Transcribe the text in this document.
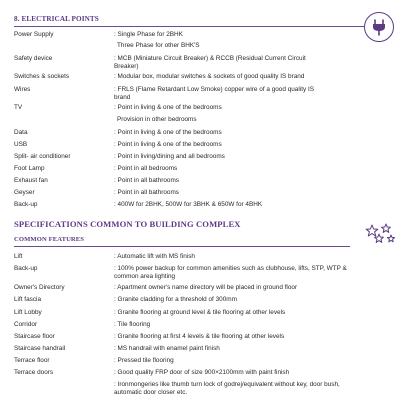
8. ELECTRICAL POINTS
Power Supply	: Single Phase for 2BHK
Three Phase for other BHK'S
Safety device	: MCB (Miniature Circuit Breaker) & RCCB (Residual Current Circuit Breaker)
Switches & sockets	: Modular box, modular switches & sockets of good quality IS brand
Wires	: FRLS (Flame Retardant Low Smoke) copper wire of a good quality IS brand
TV	: Point in living & one of the bedrooms
Provision in other bedrooms
Data	: Point in living & one of the bedrooms
USB	: Point in living & one of the bedrooms
Split- air conditioner	: Point in living/dining and all bedrooms
Foot Lamp	: Point in all bedrooms
Exhaust fan	: Point in all bathrooms
Geyser	: Point in all bathrooms
Back-up	: 400W for 2BHK, 500W for 3BHK & 650W for 4BHK
SPECIFICATIONS COMMON TO BUILDING COMPLEX
COMMON FEATURES
Lift	: Automatic lift with MS finish
Back-up	: 100% power backup for common amenities such as clubhouse, lifts, STP, WTP & common area lighting
Owner's Directory	: Apartment owner's name directory will be placed in ground floor
Lift fascia	: Granite cladding for a threshold of 300mm
Lift Lobby	: Granite flooring at ground level & tile flooring at other levels
Corridor	: Tile flooring
Staircase floor	: Granite flooring at first 4 levels & tile flooring at other levels
Staircase handrail	: MS handrail with enamel paint finish
Terrace floor	: Pressed tile flooring
Terrace doors	: Good quality FRP door of size 900×2100mm with paint finish
: Ironmongeries like thumb turn lock of godrej/equivalent without key, door bush, automatic door closer etc.
